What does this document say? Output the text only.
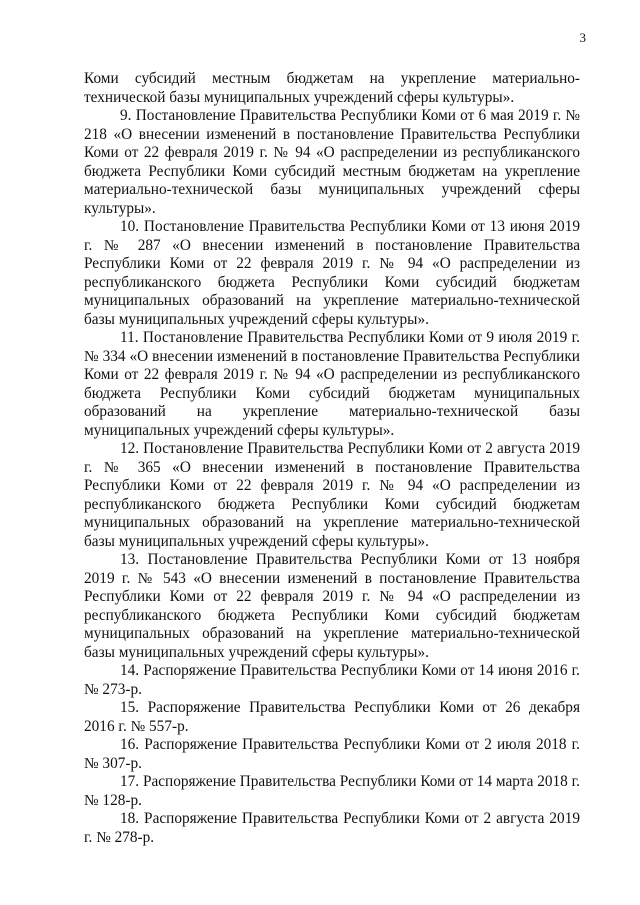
3

Коми субсидий местным бюджетам на укрепление материально-технической базы муниципальных учреждений сферы культуры».

9. Постановление Правительства Республики Коми от 6 мая 2019 г. № 218 «О внесении изменений в постановление Правительства Республики Коми от 22 февраля 2019 г. № 94 «О распределении из республиканского бюджета Республики Коми субсидий местным бюджетам на укрепление материально-технической базы муниципальных учреждений сферы культуры».

10. Постановление Правительства Республики Коми от 13 июня 2019 г. № 287 «О внесении изменений в постановление Правительства Республики Коми от 22 февраля 2019 г. № 94 «О распределении из республиканского бюджета Республики Коми субсидий бюджетам муниципальных образований на укрепление материально-технической базы муниципальных учреждений сферы культуры».

11. Постановление Правительства Республики Коми от 9 июля 2019 г. № 334 «О внесении изменений в постановление Правительства Республики Коми от 22 февраля 2019 г. № 94 «О распределении из республиканского бюджета Республики Коми субсидий бюджетам муниципальных образований на укрепление материально-технической базы муниципальных учреждений сферы культуры».

12. Постановление Правительства Республики Коми от 2 августа 2019 г. № 365 «О внесении изменений в постановление Правительства Республики Коми от 22 февраля 2019 г. № 94 «О распределении из республиканского бюджета Республики Коми субсидий бюджетам муниципальных образований на укрепление материально-технической базы муниципальных учреждений сферы культуры».

13. Постановление Правительства Республики Коми от 13 ноября 2019 г. № 543 «О внесении изменений в постановление Правительства Республики Коми от 22 февраля 2019 г. № 94 «О распределении из республиканского бюджета Республики Коми субсидий бюджетам муниципальных образований на укрепление материально-технической базы муниципальных учреждений сферы культуры».

14. Распоряжение Правительства Республики Коми от 14 июня 2016 г. № 273-р.

15. Распоряжение Правительства Республики Коми от 26 декабря 2016 г. № 557-р.

16. Распоряжение Правительства Республики Коми от 2 июля 2018 г. № 307-р.

17. Распоряжение Правительства Республики Коми от 14 марта 2018 г. № 128-р.

18. Распоряжение Правительства Республики Коми от 2 августа 2019 г. № 278-р.
